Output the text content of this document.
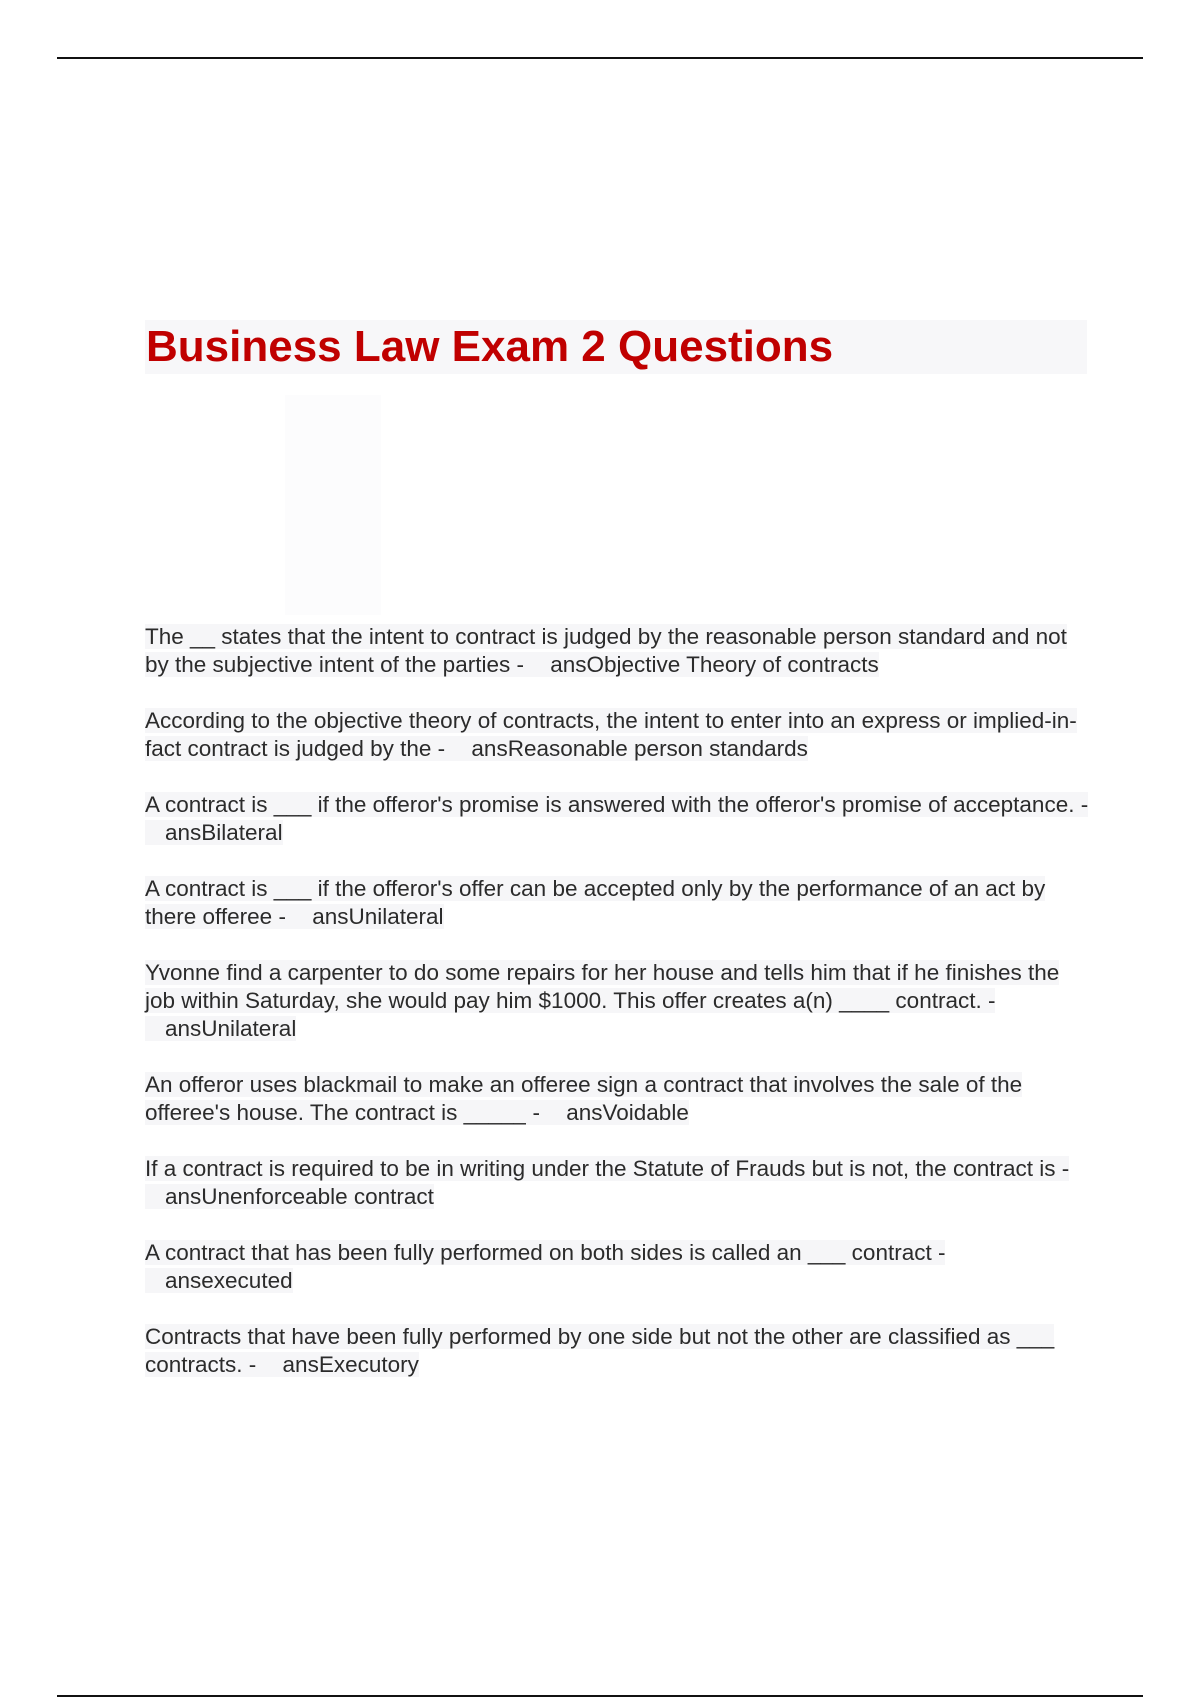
Business Law Exam 2 Questions

The __ states that the intent to contract is judged by the reasonable person standard and not by the subjective intent of the parties - ansObjective Theory of contracts

According to the objective theory of contracts, the intent to enter into an express or implied-in-fact contract is judged by the - ansReasonable person standards

A contract is ___ if the offeror's promise is answered with the offeror's promise of acceptance. - ansBilateral

A contract is ___ if the offeror's offer can be accepted only by the performance of an act by there offeree - ansUnilateral

Yvonne find a carpenter to do some repairs for her house and tells him that if he finishes the job within Saturday, she would pay him $1000. This offer creates a(n) ____ contract. - ansUnilateral

An offeror uses blackmail to make an offeree sign a contract that involves the sale of the offeree's house. The contract is _____ - ansVoidable

If a contract is required to be in writing under the Statute of Frauds but is not, the contract is - ansUnenforceable contract

A contract that has been fully performed on both sides is called an ___ contract - ansexecuted

Contracts that have been fully performed by one side but not the other are classified as ___ contracts. - ansExecutory
